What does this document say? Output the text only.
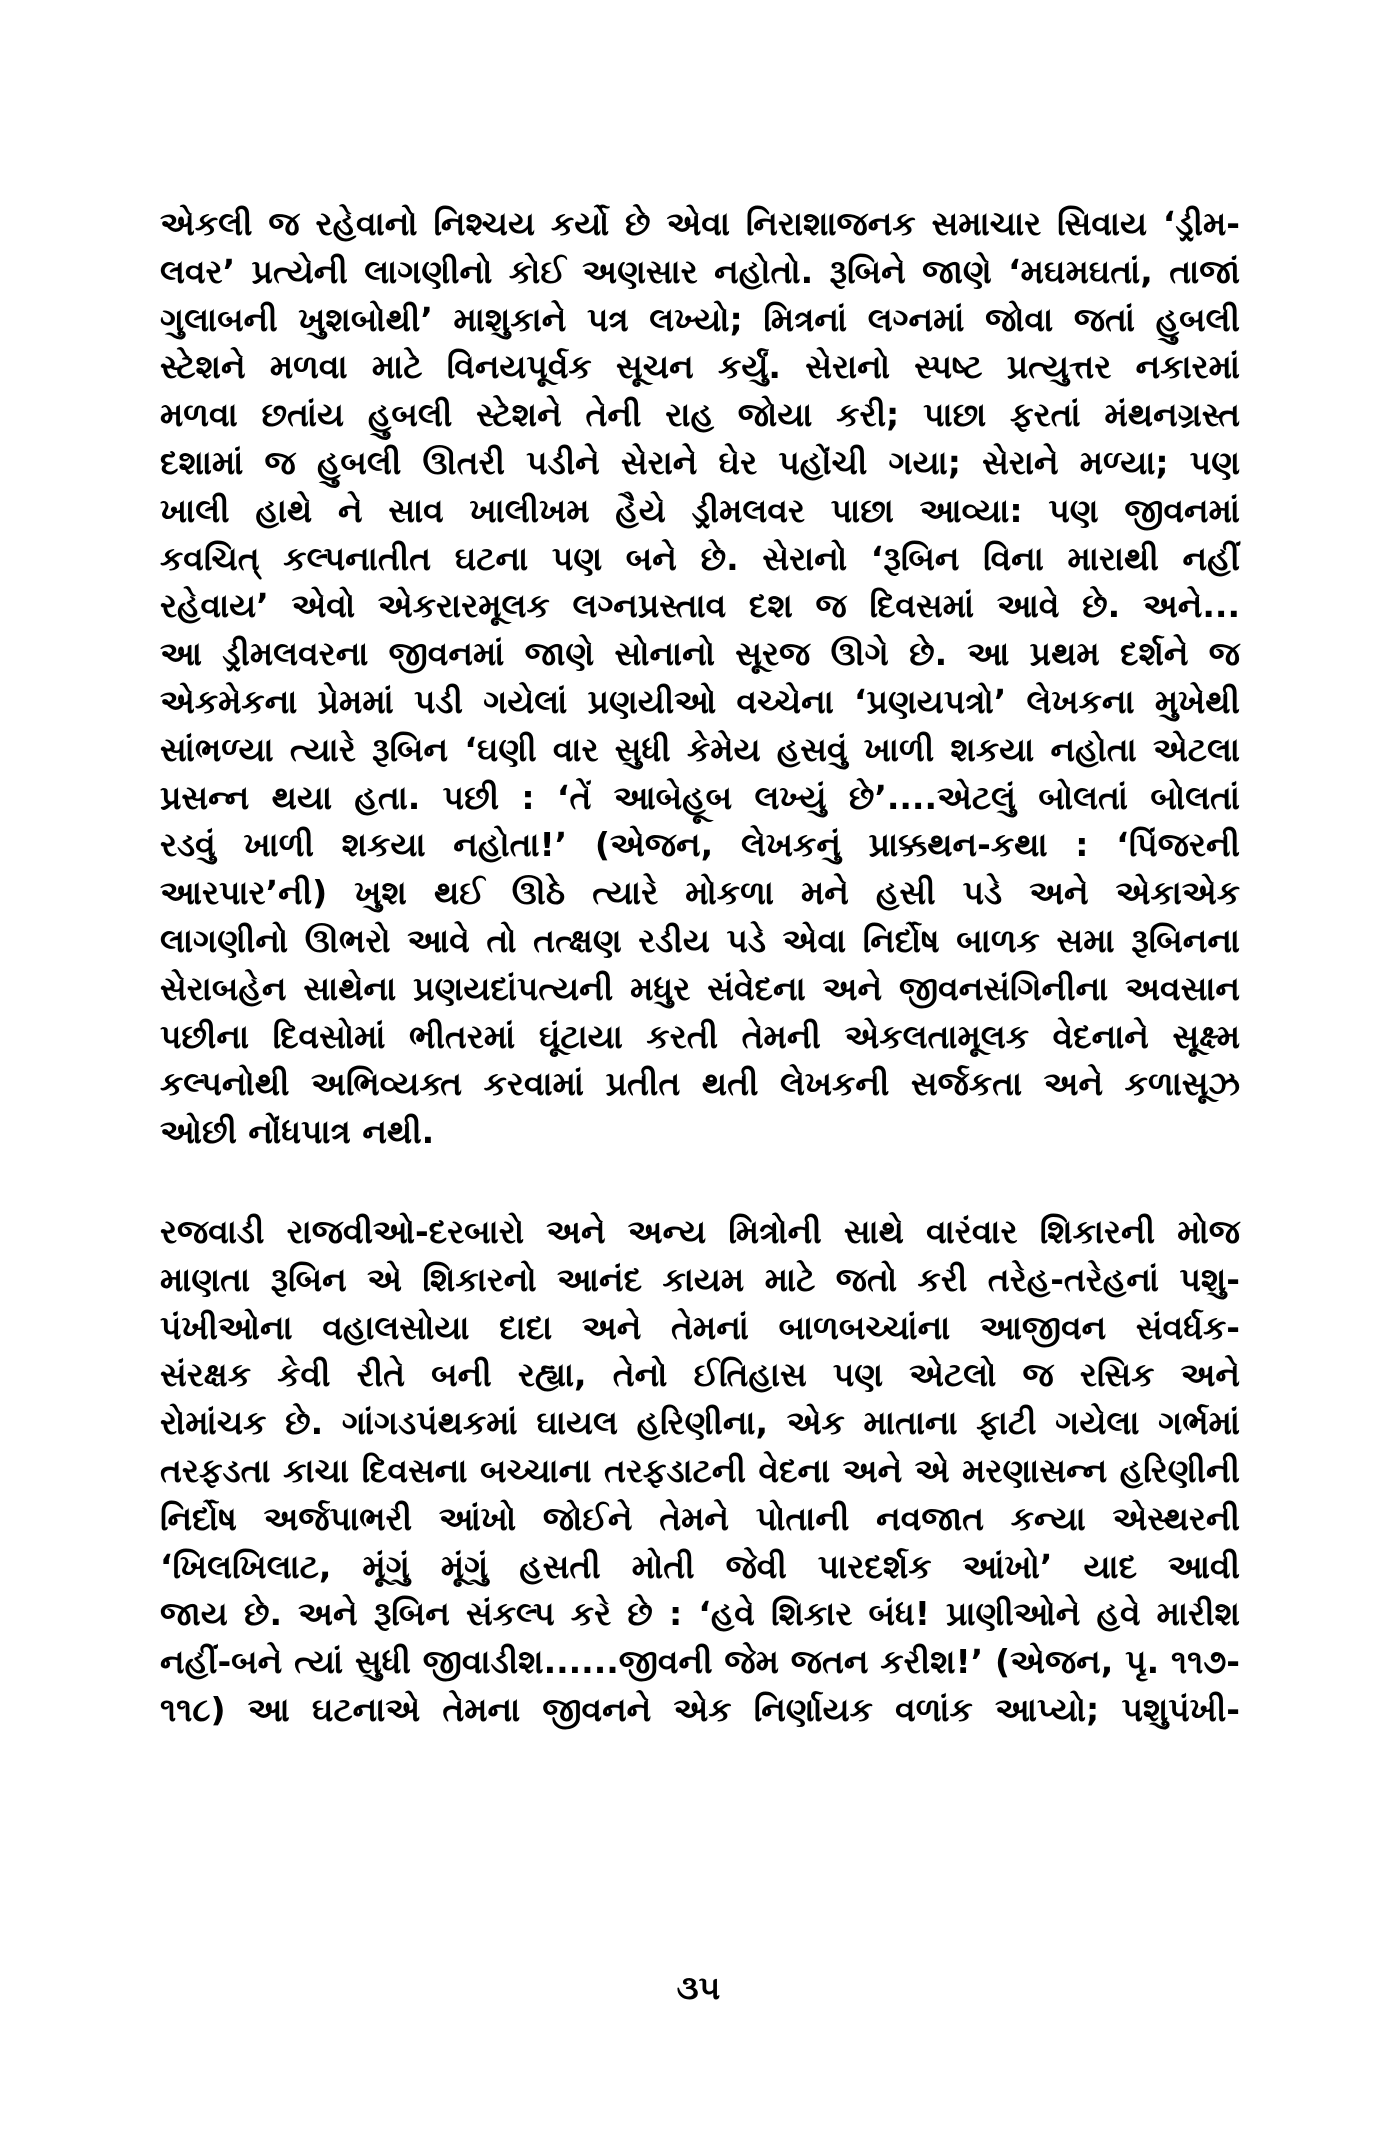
એકલી જ રહેવાનો નિશ્ચય કર્યો છે એવા નિરાશાજનક સમાચાર સિવાય ‘ડ્રીમ-
લવર’ પ્રત્યેની લાગણીનો કોઈ અણસાર નહોતો. રૂબિને જાણે ‘મઘમઘતાં, તાજાં
ગુલાબની ખુશબોથી’ માશુકાને પત્ર લખ્યો; મિત્રનાં લગ્નમાં જોવા જતાં હુબલી
સ્ટેશને મળવા માટે વિનયપૂર્વક સૂચન કર્યું. સેરાનો સ્પષ્ટ પ્રત્યુત્તર નકારમાં
મળવા છતાંય હુબલી સ્ટેશને તેની રાહ જોયા કરી; પાછા ફરતાં મંથનગ્રસ્ત
દશામાં જ હુબલી ઊતરી પડીને સેરાને ઘેર પહોંચી ગયા; સેરાને મળ્યા; પણ
ખાલી હાથે ને સાવ ખાલીખમ હૈયે ડ્રીમલવર પાછા આવ્યા: પણ જીવનમાં
કવચિત્ કલ્પનાતીત ઘટના પણ બને છે. સેરાનો ‘રૂબિન વિના મારાથી નહીં
રહેવાય’ એવો એકરારમૂલક લગ્નપ્રસ્તાવ દશ જ દિવસમાં આવે છે. અને...
આ ડ્રીમલવરના જીવનમાં જાણે સોનાનો સૂરજ ઊગે છે. આ પ્રથમ દર્શને જ
એકમેકના પ્રેમમાં પડી ગયેલાં પ્રણયીઓ વચ્ચેના ‘પ્રણયપત્રો’ લેખકના મુખેથી
સાંભળ્યા ત્યારે રૂબિન ‘ઘણી વાર સુધી કેમેય હસવું ખાળી શકયા નહોતા એટલા
પ્રસન્ન થયા હતા. પછી : ‘તેં આબેહૂબ લખ્યું છે’....એટલું બોલતાં બોલતાં
રડવું ખાળી શકયા નહોતા!’ (એજન, લેખકનું પ્રાક્કથન-કથા : ‘પિંજરની
આરપાર’ની) ખુશ થઈ ઊઠે ત્યારે મોકળા મને હસી પડે અને એકાએક
લાગણીનો ઊભરો આવે તો તત્ક્ષણ રડીય પડે એવા નિર્દોષ બાળક સમા રૂબિનના
સેરાબહેન સાથેના પ્રણયદાંપત્યની મધુર સંવેદના અને જીવનસંગિનીના અવસાન
પછીના દિવસોમાં ભીતરમાં ઘૂંટાયા કરતી તેમની એકલતામૂલક વેદનાને સૂક્ષ્મ
કલ્પનોથી અભિવ્યક્ત કરવામાં પ્રતીત થતી લેખકની સર્જકતા અને કળાસૂઝ
ઓછી નોંધપાત્ર નથી.
રજવાડી રાજવીઓ-દરબારો અને અન્ય મિત્રોની સાથે વારંવાર શિકારની મોજ
માણતા રૂબિન એ શિકારનો આનંદ કાયમ માટે જતો કરી તરેહ-તરેહનાં પશુ-
પંખીઓના વહાલસોયા દાદા અને તેમનાં બાળબચ્ચાંના આજીવન સંવર્ધક-
સંરક્ષક કેવી રીતે બની રહ્યા, તેનો ઈતિહાસ પણ એટલો જ રસિક અને
રોમાંચક છે. ગાંગડપંથકમાં ઘાયલ હરિણીના, એક માતાના ફાટી ગયેલા ગર્ભમાં
તરફડતા કાચા દિવસના બચ્ચાના તરફડાટની વેદના અને એ મરણાસન્ન હરિણીની
નિર્દોષ અર્જપાભરી આંખો જોઈને તેમને પોતાની નવજાત કન્યા એસ્થરની
‘ખિલખિલાટ, મૂંગું મૂંગું હસતી મોતી જેવી પારદર્શક આંખો’ યાદ આવી
જાય છે. અને રૂબિન સંકલ્પ કરે છે : ‘હવે શિકાર બંધ! પ્રાણીઓને હવે મારીશ
નહીં-બને ત્યાં સુધી જીવાડીશ......જીવની જેમ જતન કરીશ!’ (એજન, પૃ. ૧૧૭-
૧૧૮) આ ઘટનાએ તેમના જીવનને એક નિર્ણાયક વળાંક આપ્યો; પશુપંખી-
૩૫
